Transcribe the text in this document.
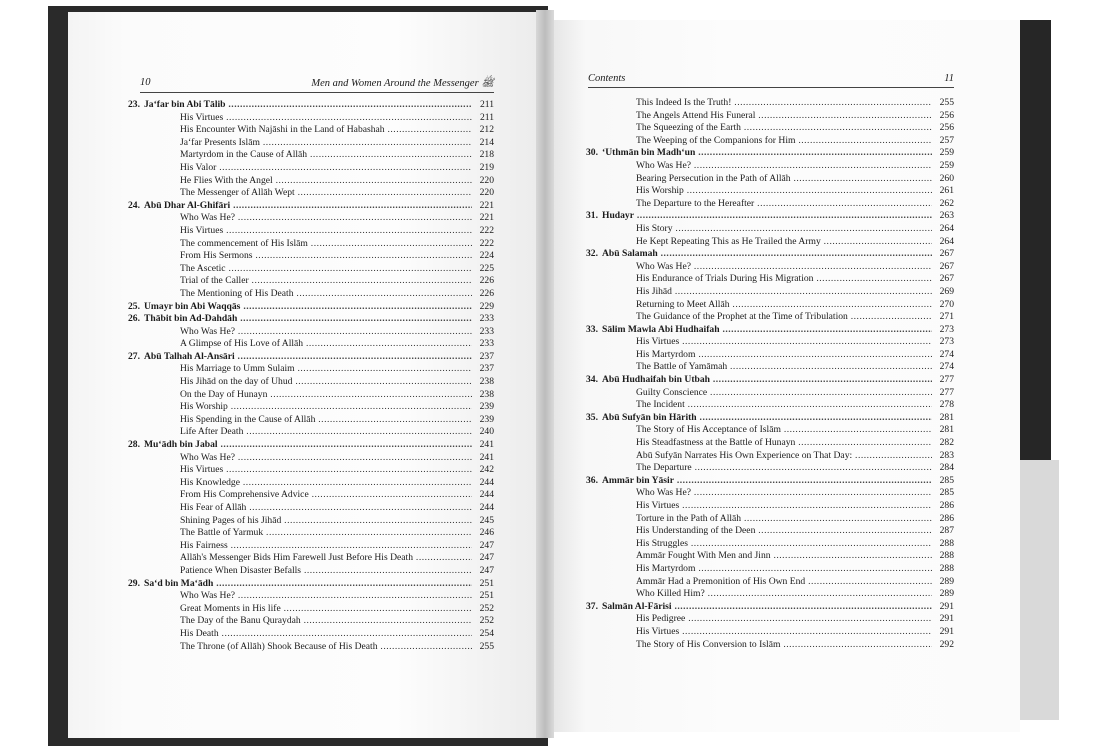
10	Men and Women Around the Messenger ﷺ	Contents	11
23. Ja‘far bin Abi Tālib .....	211
His Virtues .....	211
His Encounter With Najāshi in the Land of Habashah .....	212
Ja‘far Presents Islām .....	214
Martyrdom in the Cause of Allāh .....	218
His Valor .....	219
He Flies With the Angel .....	220
The Messenger of Allāh Wept .....	220
24. Abū Dhar Al-Ghifāri .....	221
Who Was He? .....	221
His Virtues .....	222
The commencement of His Islām .....	222
From His Sermons .....	224
The Ascetic .....	225
Trial of the Caller .....	226
The Mentioning of His Death .....	226
25. Umayr bin Abi Waqqās .....	229
26. Thābit bin Ad-Dahdāh .....	233
Who Was He? .....	233
A Glimpse of His Love of Allāh .....	233
27. Abū Talhah Al-Ansāri .....	237
His Marriage to Umm Sulaim .....	237
His Jihād on the day of Uhud .....	238
On the Day of Hunayn .....	238
His Worship .....	239
His Spending in the Cause of Allāh .....	239
Life After Death .....	240
28. Mu‘ādh bin Jabal .....	241
Who Was He? .....	241
His Virtues .....	242
His Knowledge .....	244
From His Comprehensive Advice .....	244
His Fear of Allāh .....	244
Shining Pages of his Jihād .....	245
The Battle of Yarmuk .....	246
His Fairness .....	247
Allāh's Messenger Bids Him Farewell Just Before His Death .....	247
Patience When Disaster Befalls .....	247
29. Sa‘d bin Ma‘ādh .....	251
Who Was He? .....	251
Great Moments in His life .....	252
The Day of the Banu Quraydah .....	252
His Death .....	254
The Throne (of Allāh) Shook Because of His Death .....	255
This Indeed Is the Truth! .....	255
The Angels Attend His Funeral .....	256
The Squeezing of the Earth .....	256
The Weeping of the Companions for Him .....	257
30. ‘Uthmān bin Madh‘un .....	259
Who Was He? .....	259
Bearing Persecution in the Path of Allāh .....	260
His Worship .....	261
The Departure to the Hereafter .....	262
31. Hudayr .....	263
His Story .....	264
He Kept Repeating This as He Trailed the Army .....	264
32. Abū Salamah .....	267
Who Was He? .....	267
His Endurance of Trials During His Migration .....	267
His Jihād .....	269
Returning to Meet Allāh .....	270
The Guidance of the Prophet at the Time of Tribulation .....	271
33. Sālim Mawla Abi Hudhaifah .....	273
His Virtues .....	273
His Martyrdom .....	274
The Battle of Yamāmah .....	274
34. Abū Hudhaifah bin Utbah .....	277
Guilty Conscience .....	277
The Incident .....	278
35. Abū Sufyān bin Hārith .....	281
The Story of His Acceptance of Islām .....	281
His Steadfastness at the Battle of Hunayn .....	282
Abū Sufyān Narrates His Own Experience on That Day: .....	283
The Departure .....	284
36. Ammār bin Yāsir .....	285
Who Was He? .....	285
His Virtues .....	286
Torture in the Path of Allāh .....	286
His Understanding of the Deen .....	287
His Struggles .....	288
Ammār Fought With Men and Jinn .....	288
His Martyrdom .....	288
Ammār Had a Premonition of His Own End .....	289
Who Killed Him? .....	289
37. Salmān Al-Fārisi .....	291
His Pedigree .....	291
His Virtues .....	291
The Story of His Conversion to Islām .....	292
